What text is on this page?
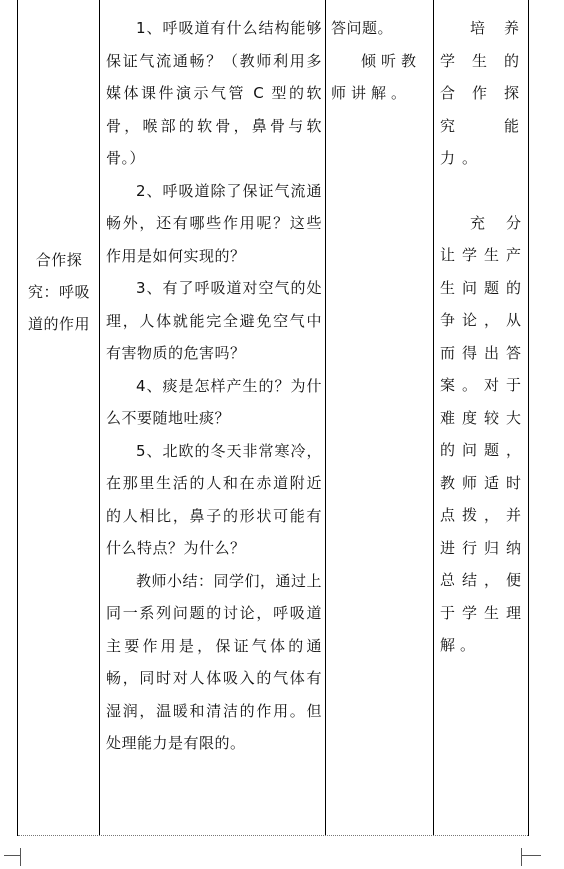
合作探
究：呼吸
道的作用

1、呼吸道有什么结构能够保证气流通畅？（教师利用多媒体课件演示气管 C 型的软骨，喉部的软骨，鼻骨与软骨。）

2、呼吸道除了保证气流通畅外，还有哪些作用呢？这些作用是如何实现的？

3、有了呼吸道对空气的处理，人体就能完全避免空气中有害物质的危害吗？

4、痰是怎样产生的？为什么不要随地吐痰？

5、北欧的冬天非常寒冷，在那里生活的人和在赤道附近的人相比，鼻子的形状可能有什么特点？为什么？

教师小结：同学们，通过上同一系列问题的讨论，呼吸道主要作用是，保证气体的通畅，同时对人体吸入的气体有湿润，温暖和清洁的作用。但处理能力是有限的。

答问题。

倾听教师讲解。

培养学生的合作探究能力。

充分让学生产生问题的争论，从而得出答案。对于难度较大的问题，教师适时点拨，并进行归纳总结，便于学生理解。
